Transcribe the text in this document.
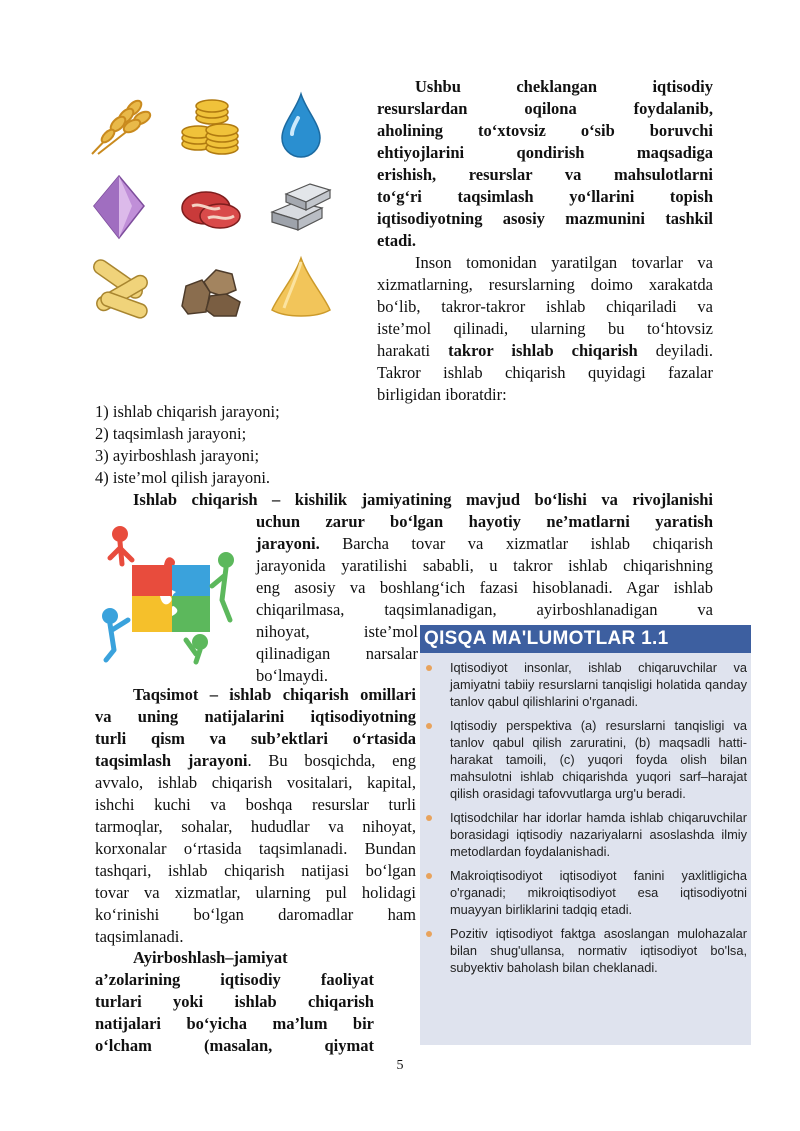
Ushbu cheklangan iqtisodiy

resurslardan oqilona foydalanib,

aholining to‘xtovsiz o‘sib boruvchi

ehtiyojlarini qondirish maqsadiga

erishish, resurslar va mahsulotlarni

to‘g‘ri taqsimlash yo‘llarini topish

iqtisodiyotning asosiy mazmunini tashkil

etadi.

Inson tomonidan yaratilgan tovarlar va

xizmatlarning, resurslarning doimo xarakatda

bo‘lib, takror-takror ishlab chiqariladi va

iste’mol qilinadi, ularning bu to‘htovsiz

harakati takror ishlab chiqarish deyiladi.

Takror ishlab chiqarish quyidagi fazalar

birligidan iboratdir:

1) ishlab chiqarish jarayoni;
2) taqsimlash jarayoni;
3) ayirboshlash jarayoni;
4) iste’mol qilish jarayoni.

Ishlab chiqarish – kishilik jamiyatining mavjud bo‘lishi va rivojlanishi

uchun zarur bo‘lgan hayotiy ne’matlarni yaratish

jarayoni. Barcha tovar va xizmatlar ishlab chiqarish

jarayonida yaratilishi sababli, u takror ishlab chiqarishning

eng asosiy va boshlang‘ich fazasi hisoblanadi. Agar ishlab

chiqarilmasa, taqsimlanadigan, ayirboshlanadigan va

nihoyat, iste’mol

qilinadigan narsalar

bo‘lmaydi.

Taqsimot – ishlab chiqarish omillari

va uning natijalarini iqtisodiyotning

turli qism va sub’ektlari o‘rtasida

taqsimlash jarayoni. Bu bosqichda, eng

avvalo, ishlab chiqarish vositalari, kapital,

ishchi kuchi va boshqa resurslar turli

tarmoqlar, sohalar, hududlar va nihoyat,

korxonalar o‘rtasida taqsimlanadi. Bundan

tashqari, ishlab chiqarish natijasi bo‘lgan

tovar va xizmatlar, ularning pul holidagi

ko‘rinishi bo‘lgan daromadlar ham

taqsimlanadi.

Ayirboshlash–jamiyat

a’zolarining iqtisodiy faoliyat

turlari yoki ishlab chiqarish

natijalari bo‘yicha ma’lum bir

o‘lcham (masalan, qiymat

QISQA MA'LUMOTLAR 1.1
Iqtisodiyot insonlar, ishlab chiqaruvchilar va jamiyatni tabiiy resurslarni tanqisligi holatida qanday tanlov qabul qilishlarini o'rganadi.
Iqtisodiy perspektiva (a) resurslarni tanqisligi va tanlov qabul qilish zaruratini, (b) maqsadli hatti-harakat tamoili, (c) yuqori foyda olish bilan mahsulotni ishlab chiqarishda yuqori sarf–harajat qilish orasidagi tafovvutlarga urg'u beradi.
Iqtisodchilar har idorlar hamda ishlab chiqaruvchilar borasidagi iqtisodiy nazariyalarni asoslashda ilmiy metodlardan foydalanishadi.
Makroiqtisodiyot iqtisodiyot fanini yaxlitligicha o'rganadi; mikroiqtisodiyot esa iqtisodiyotni muayyan birliklarini tadqiq etadi.
Pozitiv iqtisodiyot faktga asoslangan mulohazalar bilan shug'ullansa, normativ iqtisodiyot bo'lsa, subyektiv baholash bilan cheklanadi.
5
